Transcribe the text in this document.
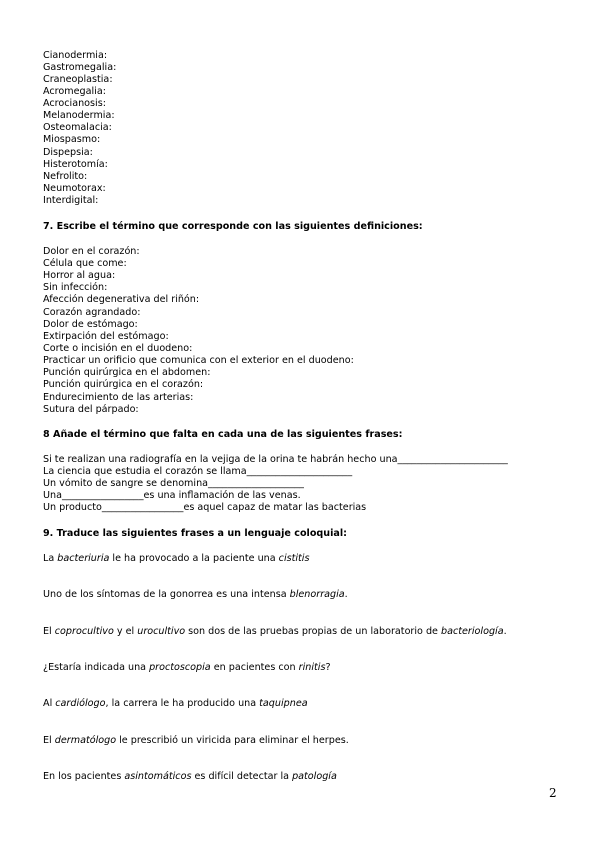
Cianodermia:
Gastromegalia:
Craneoplastia:
Acromegalia:
Acrocianosis:
Melanodermia:
Osteomalacia:
Miospasmo:
Dispepsia:
Histerotomía:
Nefrolito:
Neumotorax:
Interdigital:
7. Escribe el término que corresponde con las siguientes definiciones:
Dolor en el corazón:
Célula que come:
Horror al agua:
Sin infección:
Afección degenerativa del riñón:
Corazón agrandado:
Dolor de estómago:
Extirpación del estómago:
Corte o incisión en el duodeno:
Practicar un orificio que comunica con el exterior en el duodeno:
Punción quirúrgica en el abdomen:
Punción quirúrgica en el corazón:
Endurecimiento de las arterias:
Sutura del párpado:
8 Añade el término que falta en cada una de las siguientes frases:
Si te realizan una radiografía en la vejiga de la orina te habrán hecho una_______________________
La ciencia que estudia el corazón se llama______________________
Un vómito de sangre se denomina____________________
Una_________________es una inflamación de las venas.
Un producto_________________es aquel capaz de matar las bacterias
9. Traduce las siguientes frases a un lenguaje coloquial:
La bacteriuria le ha provocado a la paciente una cistitis
Uno de los síntomas de la gonorrea es una intensa blenorragia.
El coprocultivo y el urocultivo son dos de las pruebas propias de un laboratorio de bacteriología.
¿Estaría indicada una proctoscopia en pacientes con rinitis?
Al cardiólogo, la carrera le ha producido una taquipnea
El dermatólogo le prescribió un viricida para eliminar el herpes.
En los pacientes asintomáticos es difícil detectar la patología
2
